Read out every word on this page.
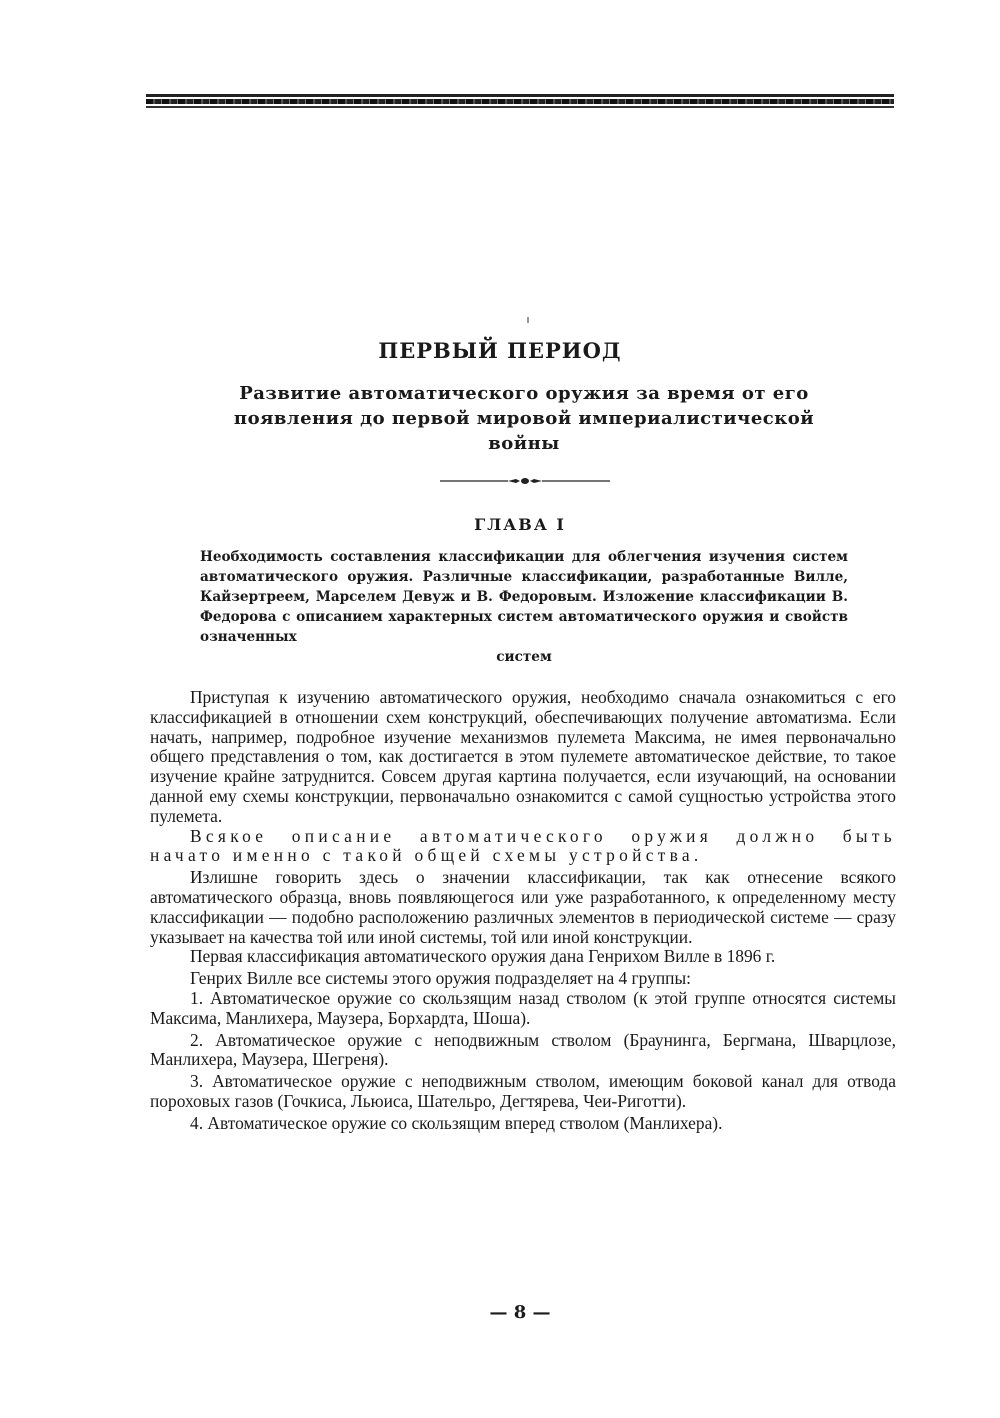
ПЕРВЫЙ ПЕРИОД
Развитие автоматического оружия за время от его появления до первой мировой империалистической войны
ГЛАВА I
Необходимость составления классификации для облегчения изучения систем автоматического оружия. Различные классификации, разработанные Вилле, Кайзертреем, Марселем Девуж и В. Федоровым. Изложение классификации В. Федорова с описанием характерных систем автоматического оружия и свойств означенных
систем

Приступая к изучению автоматического оружия, необходимо сначала ознакомиться с его классификацией в отношении схем конструкций, обеспечивающих получение автоматизма. Если начать, например, подробное изучение механизмов пулемета Максима, не имея первоначально общего представления о том, как достигается в этом пулемете автоматическое действие, то такое изучение крайне затруднится. Совсем другая картина получается, если изучающий, на основании данной ему схемы конструкции, первоначально ознакомится с самой сущностью устройства этого пулемета.

Всякое описание автоматического оружия должно быть начато именно с такой общей схемы устройства.

Излишне говорить здесь о значении классификации, так как отнесение всякого автоматического образца, вновь появляющегося или уже разработанного, к определенному месту классификации — подобно расположению различных элементов в периодической системе — сразу указывает на качества той или иной системы, той или иной конструкции.

Первая классификация автоматического оружия дана Генрихом Вилле в 1896 г.

Генрих Вилле все системы этого оружия подразделяет на 4 группы:

1. Автоматическое оружие со скользящим назад стволом (к этой группе относятся системы Максима, Манлихера, Маузера, Борхардта, Шоша).

2. Автоматическое оружие с неподвижным стволом (Браунинга, Бергмана, Шварцлозе, Манлихера, Маузера, Шегреня).

3. Автоматическое оружие с неподвижным стволом, имеющим боковой канал для отвода пороховых газов (Гочкиса, Льюиса, Шательро, Дегтярева, Чеи-Риготти).

4. Автоматическое оружие со скользящим вперед стволом (Манлихера).

— 8 —
